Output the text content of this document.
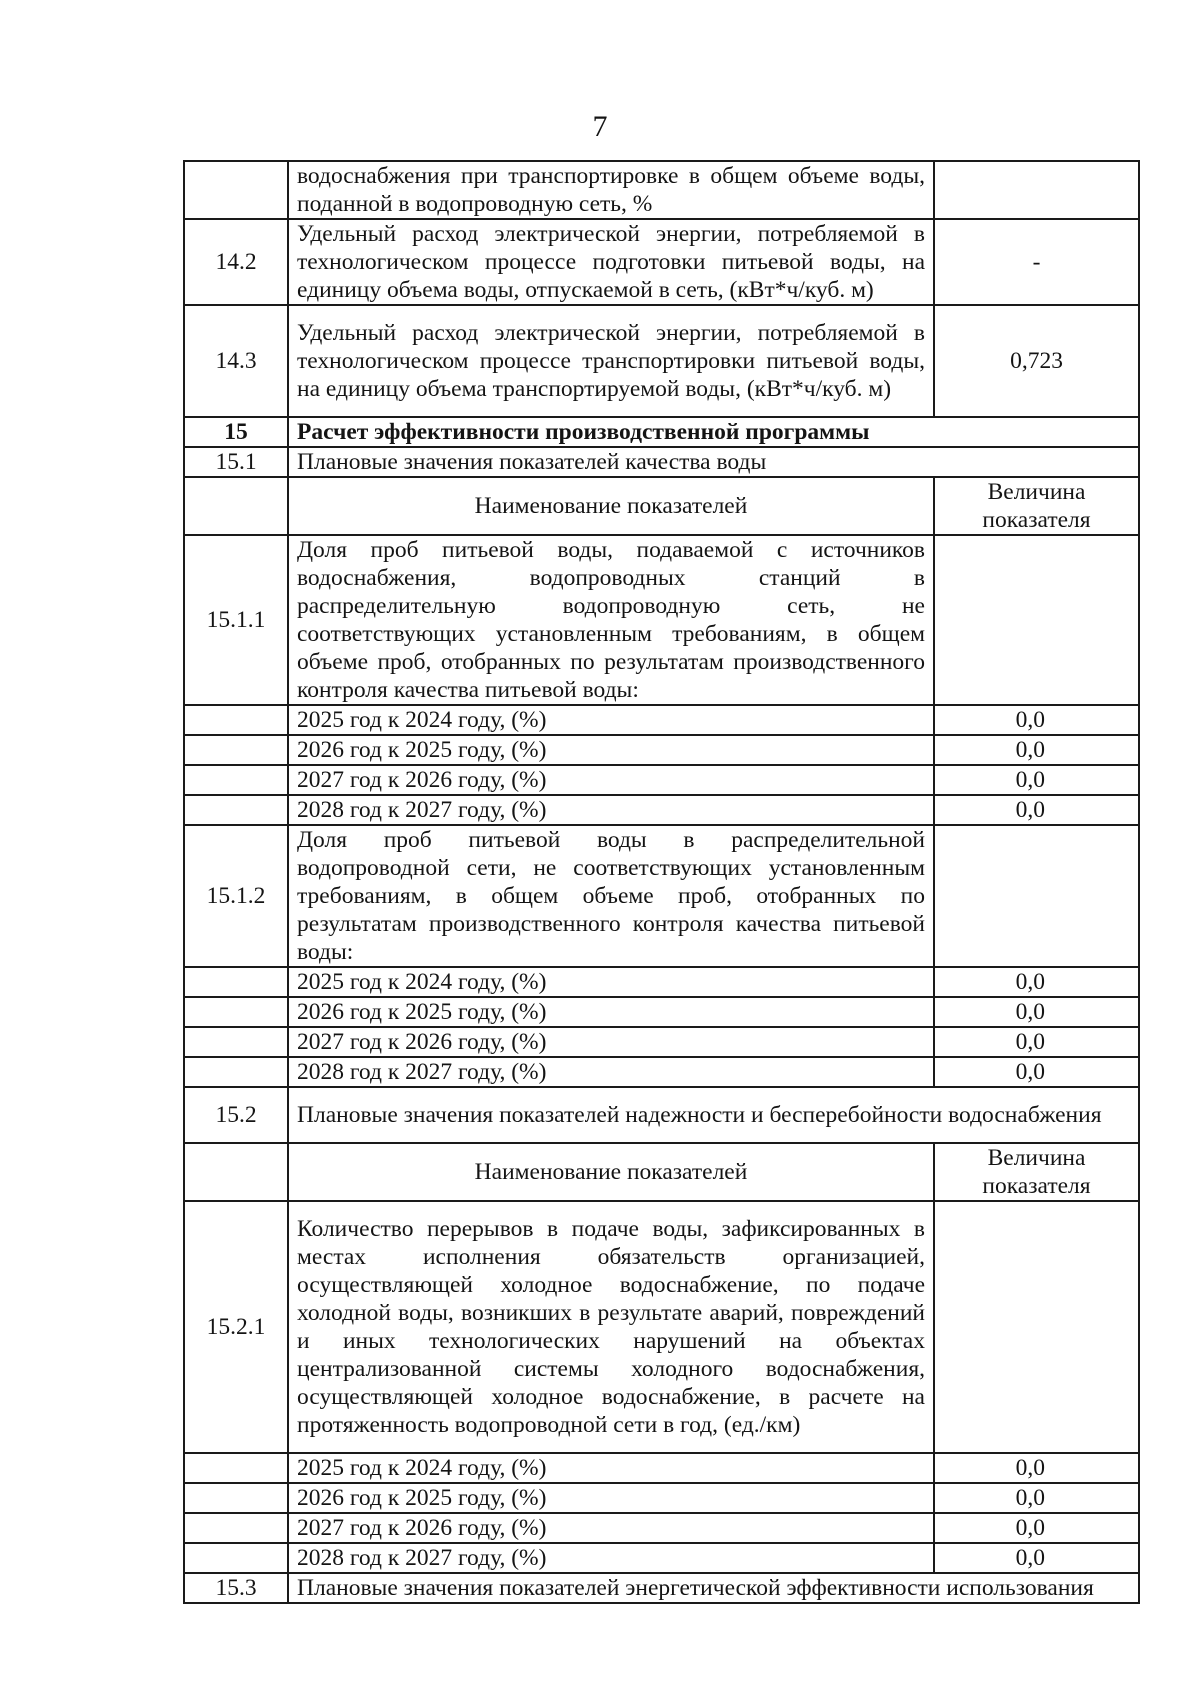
7
	водоснабжения при транспортировке в общем объеме воды, поданной в водопроводную сеть, %	
14.2	Удельный расход электрической энергии, потребляемой в технологическом процессе подготовки питьевой воды, на единицу объема воды, отпускаемой в сеть, (кВт*ч/куб. м)	-
14.3	Удельный расход электрической энергии, потребляемой в технологическом процессе транспортировки питьевой воды, на единицу объема транспортируемой воды, (кВт*ч/куб. м)	0,723
15	Расчет эффективности производственной программы	
15.1	Плановые значения показателей качества воды	
	Наименование показателей	Величина показателя
15.1.1	Доля проб питьевой воды, подаваемой с источников водоснабжения, водопроводных станций в распределительную водопроводную сеть, не соответствующих установленным требованиям, в общем объеме проб, отобранных по результатам производственного контроля качества питьевой воды:	
	2025 год к 2024 году, (%)	0,0
	2026 год к 2025 году, (%)	0,0
	2027 год к 2026 году, (%)	0,0
	2028 год к 2027 году, (%)	0,0
15.1.2	Доля проб питьевой воды в распределительной водопроводной сети, не соответствующих установленным требованиям, в общем объеме проб, отобранных по результатам производственного контроля качества питьевой воды:	
	2025 год к 2024 году, (%)	0,0
	2026 год к 2025 году, (%)	0,0
	2027 год к 2026 году, (%)	0,0
	2028 год к 2027 году, (%)	0,0
15.2	Плановые значения показателей надежности и бесперебойности водоснабжения	
	Наименование показателей	Величина показателя
15.2.1	Количество перерывов в подаче воды, зафиксированных в местах исполнения обязательств организацией, осуществляющей холодное водоснабжение, по подаче холодной воды, возникших в результате аварий, повреждений и иных технологических нарушений на объектах централизованной системы холодного водоснабжения, осуществляющей холодное водоснабжение, в расчете на протяженность водопроводной сети в год, (ед./км)	
	2025 год к 2024 году, (%)	0,0
	2026 год к 2025 году, (%)	0,0
	2027 год к 2026 году, (%)	0,0
	2028 год к 2027 году, (%)	0,0
15.3	Плановые значения показателей энергетической эффективности использования	
